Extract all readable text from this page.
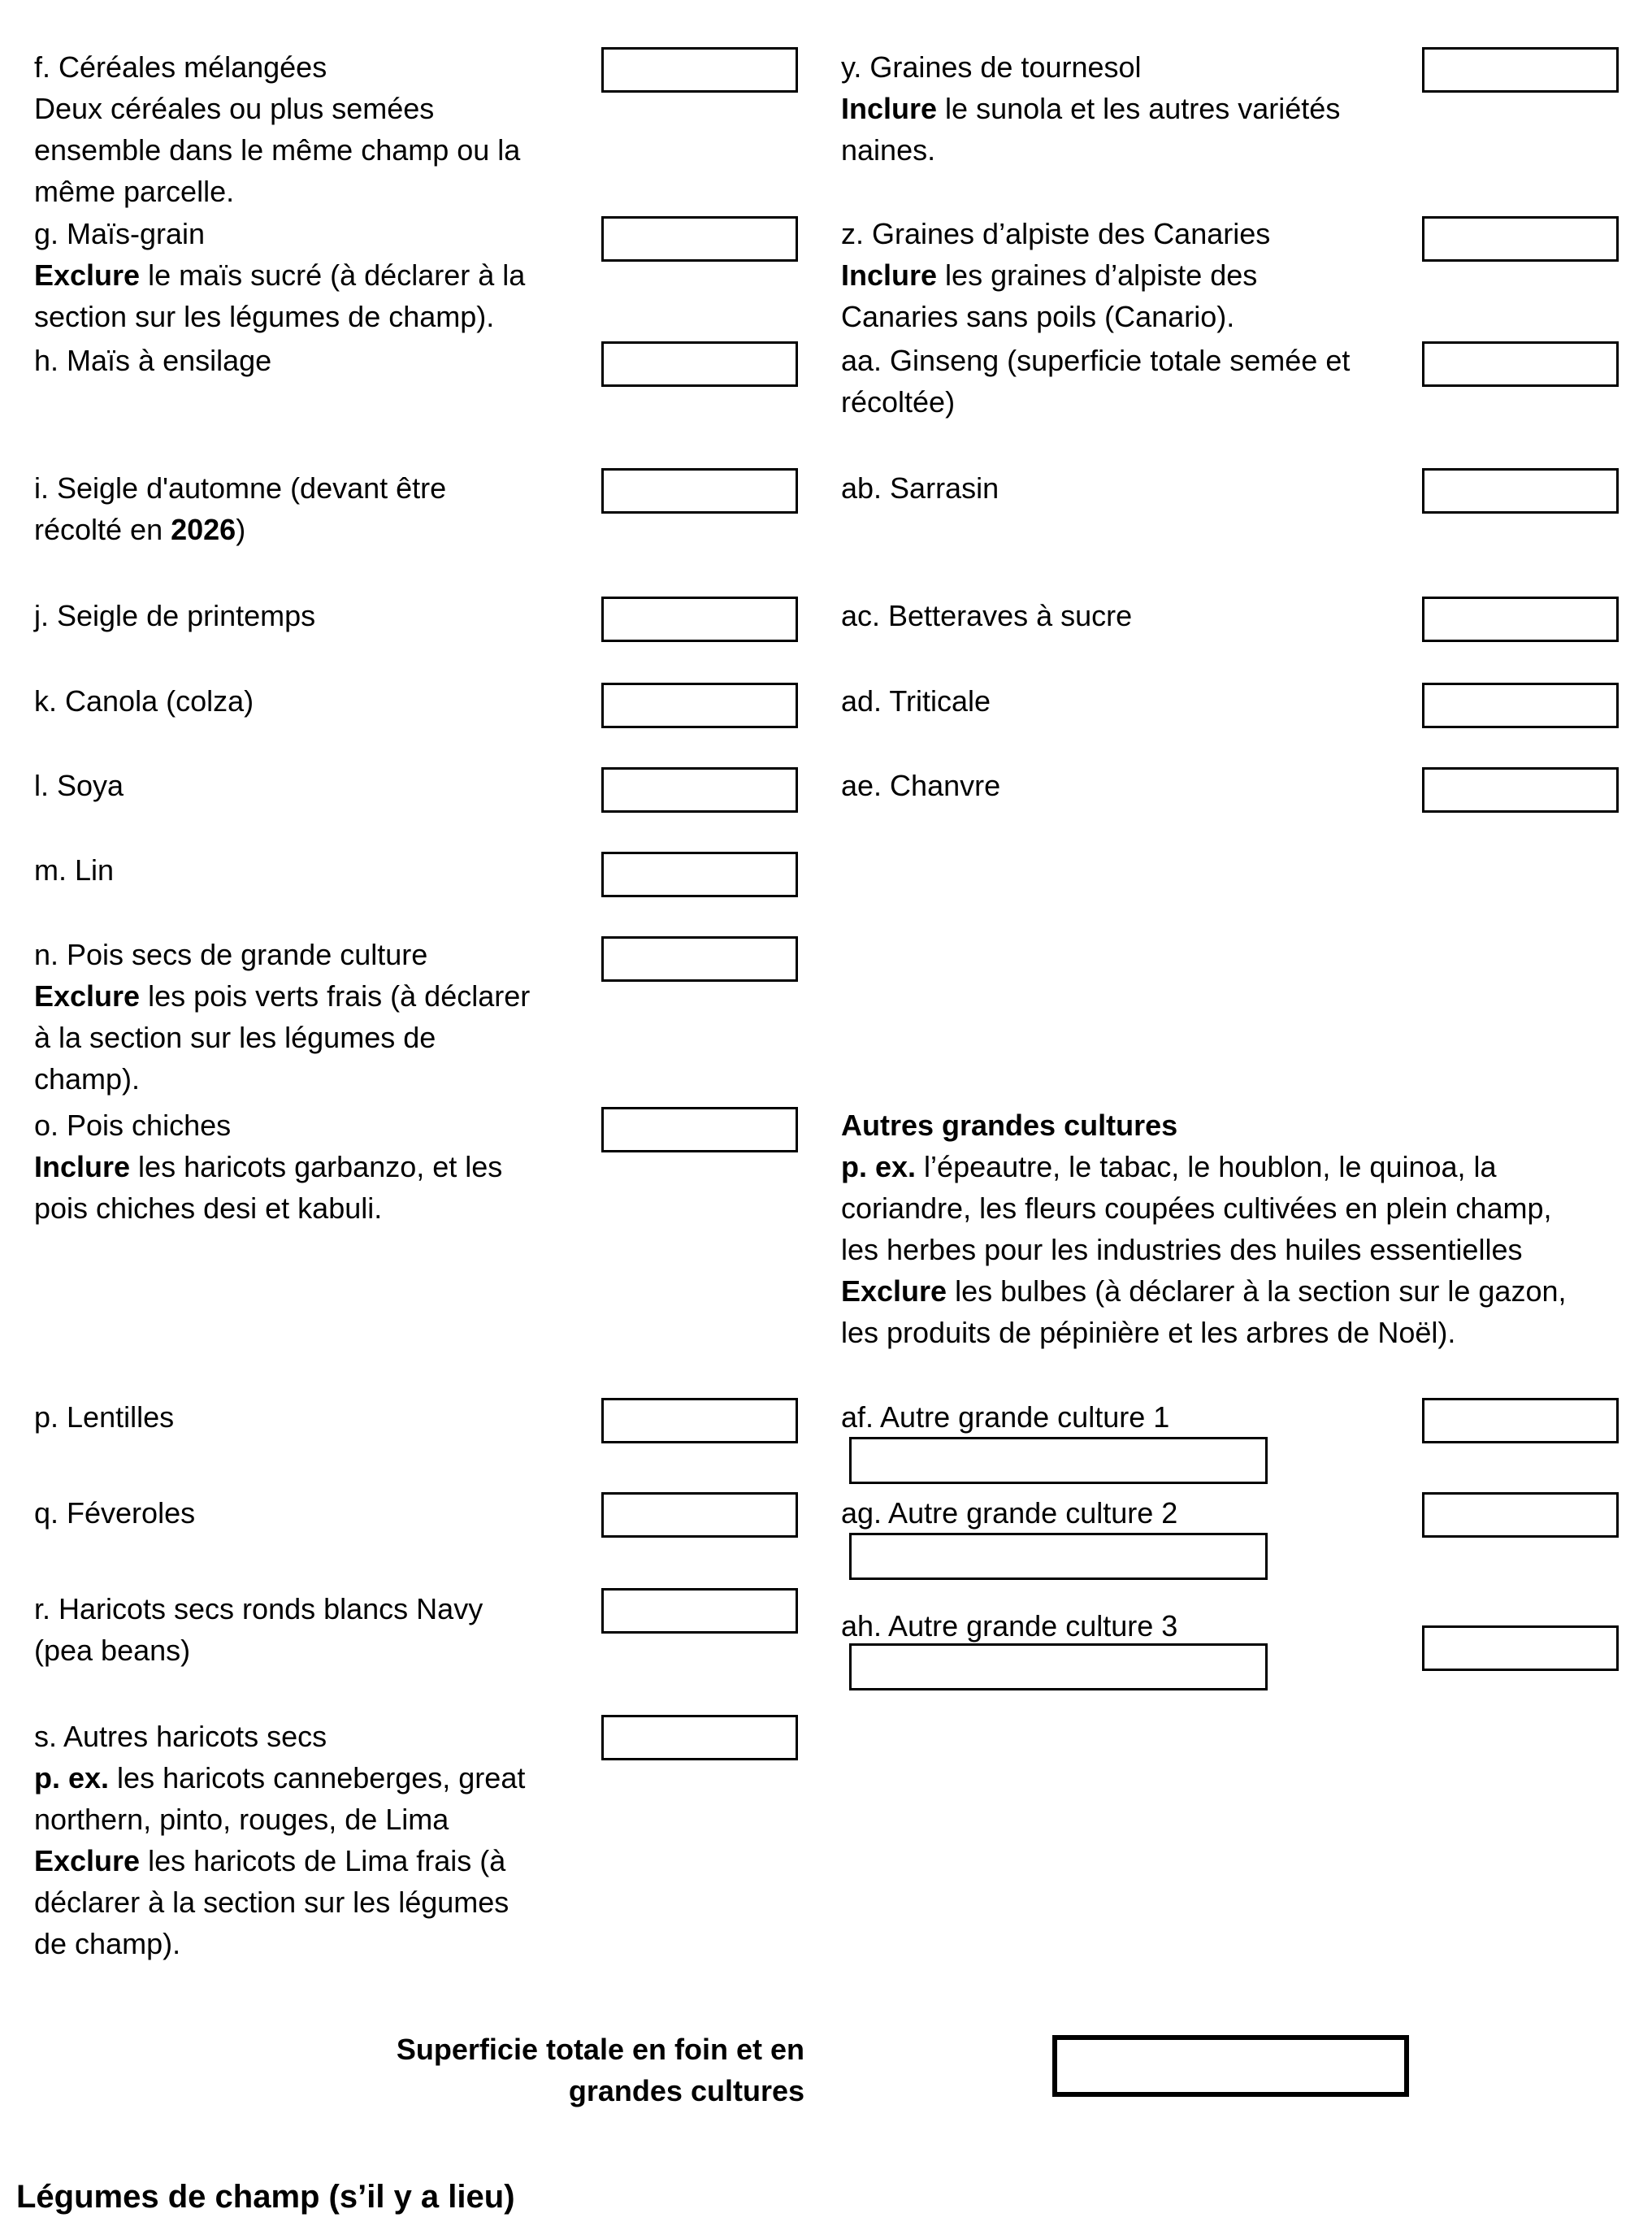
f. Céréales mélangées
Deux céréales ou plus semées
ensemble dans le même champ ou la
même parcelle.
g. Maïs-grain
Exclure le maïs sucré (à déclarer à la
section sur les légumes de champ).
h. Maïs à ensilage
i. Seigle d'automne (devant être
récolté en 2026)
j. Seigle de printemps
k. Canola (colza)
l. Soya
m. Lin
n. Pois secs de grande culture
Exclure les pois verts frais (à déclarer
à la section sur les légumes de
champ).
o. Pois chiches
Inclure les haricots garbanzo, et les
pois chiches desi et kabuli.
p. Lentilles
q. Féveroles
r. Haricots secs ronds blancs Navy
(pea beans)
s. Autres haricots secs
p. ex. les haricots canneberges, great
northern, pinto, rouges, de Lima
Exclure les haricots de Lima frais (à
déclarer à la section sur les légumes
de champ).
y. Graines de tournesol
Inclure le sunola et les autres variétés
naines.
z. Graines d’alpiste des Canaries
Inclure les graines d’alpiste des
Canaries sans poils (Canario).
aa. Ginseng (superficie totale semée et
récoltée)
ab. Sarrasin
ac. Betteraves à sucre
ad. Triticale
ae. Chanvre
Autres grandes cultures
p. ex. l’épeautre, le tabac, le houblon, le quinoa, la
coriandre, les fleurs coupées cultivées en plein champ,
les herbes pour les industries des huiles essentielles
Exclure les bulbes (à déclarer à la section sur le gazon,
les produits de pépinière et les arbres de Noël).
af. Autre grande culture 1
ag. Autre grande culture 2
ah. Autre grande culture 3
Superficie totale en foin et en
grandes cultures
Légumes de champ (s’il y a lieu)
